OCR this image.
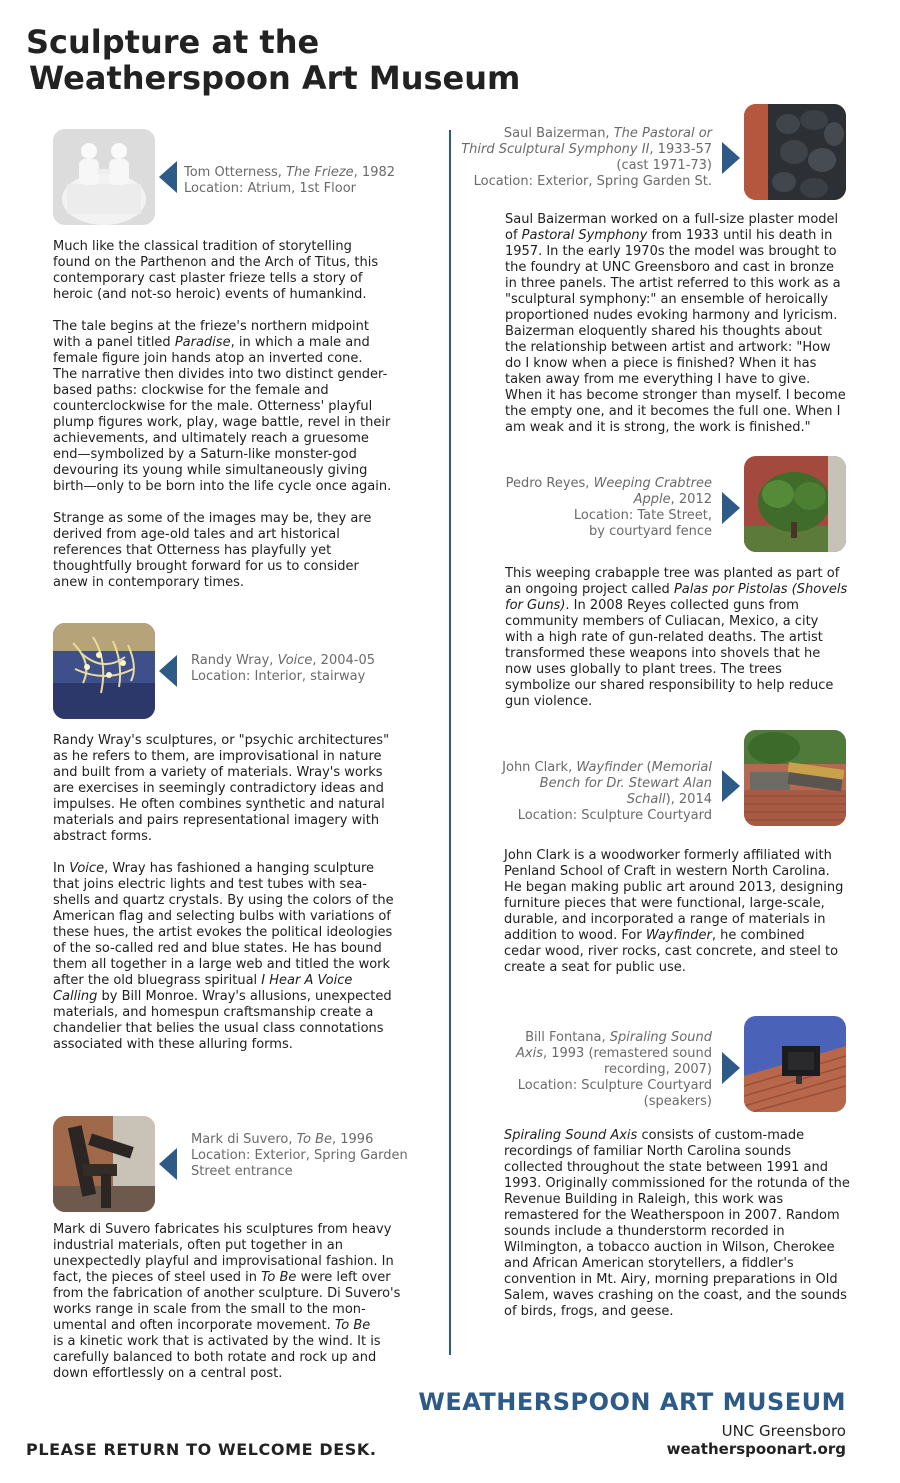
Sculpture at the
Weatherspoon Art Museum
Tom Otterness, The Frieze, 1982
Location: Atrium, 1st Floor

Much like the classical tradition of storytelling
found on the Parthenon and the Arch of Titus, this
contemporary cast plaster frieze tells a story of
heroic (and not-so heroic) events of humankind.

The tale begins at the frieze's northern midpoint
with a panel titled Paradise, in which a male and
female figure join hands atop an inverted cone.
The narrative then divides into two distinct gender-
based paths: clockwise for the female and
counterclockwise for the male. Otterness' playful
plump figures work, play, wage battle, revel in their
achievements, and ultimately reach a gruesome
end—symbolized by a Saturn-like monster-god
devouring its young while simultaneously giving
birth—only to be born into the life cycle once again.

Strange as some of the images may be, they are
derived from age-old tales and art historical
references that Otterness has playfully yet
thoughtfully brought forward for us to consider
anew in contemporary times.

Randy Wray, Voice, 2004-05
Location: Interior, stairway

Randy Wray's sculptures, or "psychic architectures"
as he refers to them, are improvisational in nature
and built from a variety of materials. Wray's works
are exercises in seemingly contradictory ideas and
impulses. He often combines synthetic and natural
materials and pairs representational imagery with
abstract forms.

In Voice, Wray has fashioned a hanging sculpture
that joins electric lights and test tubes with sea-
shells and quartz crystals. By using the colors of the
American flag and selecting bulbs with variations of
these hues, the artist evokes the political ideologies
of the so-called red and blue states. He has bound
them all together in a large web and titled the work
after the old bluegrass spiritual I Hear A Voice
Calling by Bill Monroe. Wray's allusions, unexpected
materials, and homespun craftsmanship create a
chandelier that belies the usual class connotations
associated with these alluring forms.

Mark di Suvero, To Be, 1996
Location: Exterior, Spring Garden
Street entrance

Mark di Suvero fabricates his sculptures from heavy
industrial materials, often put together in an
unexpectedly playful and improvisational fashion. In
fact, the pieces of steel used in To Be were left over
from the fabrication of another sculpture. Di Suvero's
works range in scale from the small to the mon-
umental and often incorporate movement. To Be
is a kinetic work that is activated by the wind. It is
carefully balanced to both rotate and rock up and
down effortlessly on a central post.

Saul Baizerman, The Pastoral or
Third Sculptural Symphony II, 1933-57
(cast 1971-73)
Location: Exterior, Spring Garden St.

Saul Baizerman worked on a full-size plaster model
of Pastoral Symphony from 1933 until his death in
1957. In the early 1970s the model was brought to
the foundry at UNC Greensboro and cast in bronze
in three panels. The artist referred to this work as a
"sculptural symphony:" an ensemble of heroically
proportioned nudes evoking harmony and lyricism.
Baizerman eloquently shared his thoughts about
the relationship between artist and artwork: "How
do I know when a piece is finished? When it has
taken away from me everything I have to give.
When it has become stronger than myself. I become
the empty one, and it becomes the full one. When I
am weak and it is strong, the work is finished."

Pedro Reyes, Weeping Crabtree
Apple, 2012
Location: Tate Street,
by courtyard fence

This weeping crabapple tree was planted as part of
an ongoing project called Palas por Pistolas (Shovels
for Guns). In 2008 Reyes collected guns from
community members of Culiacan, Mexico, a city
with a high rate of gun-related deaths. The artist
transformed these weapons into shovels that he
now uses globally to plant trees. The trees
symbolize our shared responsibility to help reduce
gun violence.

John Clark, Wayfinder (Memorial
Bench for Dr. Stewart Alan
Schall), 2014
Location: Sculpture Courtyard

John Clark is a woodworker formerly affiliated with
Penland School of Craft in western North Carolina.
He began making public art around 2013, designing
furniture pieces that were functional, large-scale,
durable, and incorporated a range of materials in
addition to wood. For Wayfinder, he combined
cedar wood, river rocks, cast concrete, and steel to
create a seat for public use.

Bill Fontana, Spiraling Sound
Axis, 1993 (remastered sound
recording, 2007)
Location: Sculpture Courtyard
(speakers)

Spiraling Sound Axis consists of custom-made
recordings of familiar North Carolina sounds
collected throughout the state between 1991 and
1993. Originally commissioned for the rotunda of the
Revenue Building in Raleigh, this work was
remastered for the Weatherspoon in 2007. Random
sounds include a thunderstorm recorded in
Wilmington, a tobacco auction in Wilson, Cherokee
and African American storytellers, a fiddler's
convention in Mt. Airy, morning preparations in Old
Salem, waves crashing on the coast, and the sounds
of birds, frogs, and geese.

WEATHERSPOON ART MUSEUM
UNC Greensboro
weatherspoonart.org
PLEASE RETURN TO WELCOME DESK.
